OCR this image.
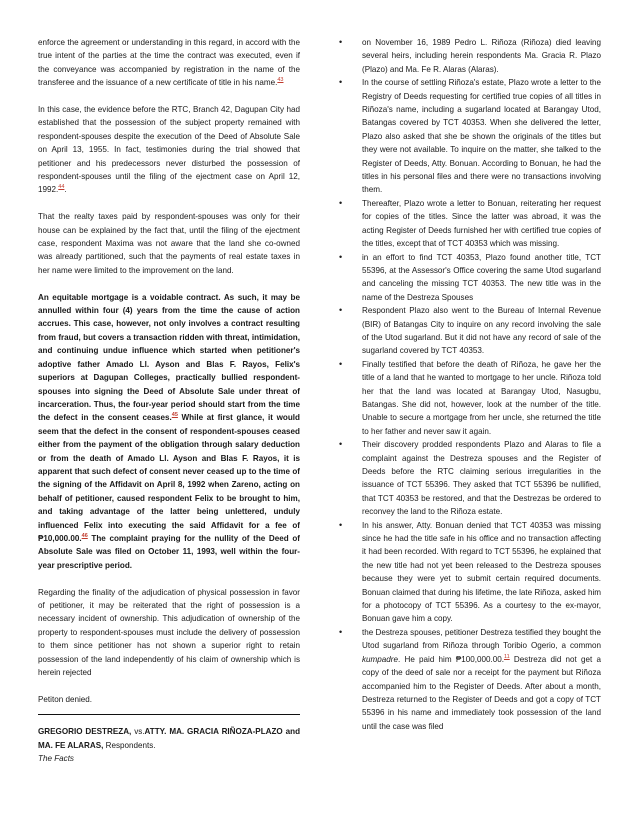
enforce the agreement or understanding in this regard, in accord with the true intent of the parties at the time the contract was executed, even if the conveyance was accompanied by registration in the name of the transferee and the issuance of a new certificate of title in his name.$^{43}$

In this case, the evidence before the RTC, Branch 42, Dagupan City had established that the possession of the subject property remained with respondent-spouses despite the execution of the Deed of Absolute Sale on April 13, 1955. In fact, testimonies during the trial showed that petitioner and his predecessors never disturbed the possession of respondent-spouses until the filing of the ejectment case on April 12, 1992.44.

That the realty taxes paid by respondent-spouses was only for their house can be explained by the fact that, until the filing of the ejectment case, respondent Maxima was not aware that the land she co-owned was already partitioned, such that the payments of real estate taxes in her name were limited to the improvement on the land.

An equitable mortgage is a voidable contract. As such, it may be annulled within four (4) years from the time the cause of action accrues. This case, however, not only involves a contract resulting from fraud, but covers a transaction ridden with threat, intimidation, and continuing undue influence which started when petitioner's adoptive father Amado Ll. Ayson and Blas F. Rayos, Felix's superiors at Dagupan Colleges, practically bullied respondent-spouses into signing the Deed of Absolute Sale under threat of incarceration. Thus, the four-year period should start from the time the defect in the consent ceases.$^{45}$ While at first glance, it would seem that the defect in the consent of respondent-spouses ceased either from the payment of the obligation through salary deduction or from the death of Amado Ll. Ayson and Blas F. Rayos, it is apparent that such defect of consent never ceased up to the time of the signing of the Affidavit on April 8, 1992 when Zareno, acting on behalf of petitioner, caused respondent Felix to be brought to him, and taking advantage of the latter being unlettered, unduly influenced Felix into executing the said Affidavit for a fee of ₱10,000.00.46 The complaint praying for the nullity of the Deed of Absolute Sale was filed on October 11, 1993, well within the four-year prescriptive period.

Regarding the finality of the adjudication of physical possession in favor of petitioner, it may be reiterated that the right of possession is a necessary incident of ownership. This adjudication of ownership of the property to respondent-spouses must include the delivery of possession to them since petitioner has not shown a superior right to retain possession of the land independently of his claim of ownership which is herein rejected

Petiton denied.

GREGORIO DESTREZA, vs.ATTY. MA. GRACIA RIÑOZA-PLAZO and MA. FE ALARAS, Respondents.

The Facts

• on November 16, 1989 Pedro L. Riñoza (Riñoza) died leaving several heirs, including herein respondents Ma. Gracia R. Plazo (Plazo) and Ma. Fe R. Alaras (Alaras).
• In the course of settling Riñoza's estate, Plazo wrote a letter to the Registry of Deeds requesting for certified true copies of all titles in Riñoza's name, including a sugarland located at Barangay Utod, Batangas covered by TCT 40353. When she delivered the letter, Plazo also asked that she be shown the originals of the titles but they were not available. To inquire on the matter, she talked to the Register of Deeds, Atty. Bonuan. According to Bonuan, he had the titles in his personal files and there were no transactions involving them.
• Thereafter, Plazo wrote a letter to Bonuan, reiterating her request for copies of the titles. Since the latter was abroad, it was the acting Register of Deeds furnished her with certified true copies of the titles, except that of TCT 40353 which was missing.
• in an effort to find TCT 40353, Plazo found another title, TCT 55396, at the Assessor's Office covering the same Utod sugarland and canceling the missing TCT 40353. The new title was in the name of the Destreza Spouses
• Respondent Plazo also went to the Bureau of Internal Revenue (BIR) of Batangas City to inquire on any record involving the sale of the Utod sugarland. But it did not have any record of sale of the sugarland covered by TCT 40353.
• Finally testified that before the death of Riñoza, he gave her the title of a land that he wanted to mortgage to her uncle. Riñoza told her that the land was located at Barangay Utod, Nasugbu, Batangas. She did not, however, look at the number of the title. Unable to secure a mortgage from her uncle, she returned the title to her father and never saw it again.
• Their discovery prodded respondents Plazo and Alaras to file a complaint against the Destreza spouses and the Register of Deeds before the RTC claiming serious irregularities in the issuance of TCT 55396. They asked that TCT 55396 be nullified, that TCT 40353 be restored, and that the Destrezas be ordered to reconvey the land to the Riñoza estate.
• In his answer, Atty. Bonuan denied that TCT 40353 was missing since he had the title safe in his office and no transaction affecting it had been recorded. With regard to TCT 55396, he explained that the new title had not yet been released to the Destreza spouses because they were yet to submit certain required documents. Bonuan claimed that during his lifetime, the late Riñoza, asked him for a photocopy of TCT 55396. As a courtesy to the ex-mayor, Bonuan gave him a copy.
• the Destreza spouses, petitioner Destreza testified they bought the Utod sugarland from Riñoza through Toribio Ogerio, a common kumpadre. He paid him ₱100,000.00.11 Destreza did not get a copy of the deed of sale nor a receipt for the payment but Riñoza accompanied him to the Register of Deeds. After about a month, Destreza returned to the Register of Deeds and got a copy of TCT 55396 in his name and immediately took possession of the land until the case was filed
